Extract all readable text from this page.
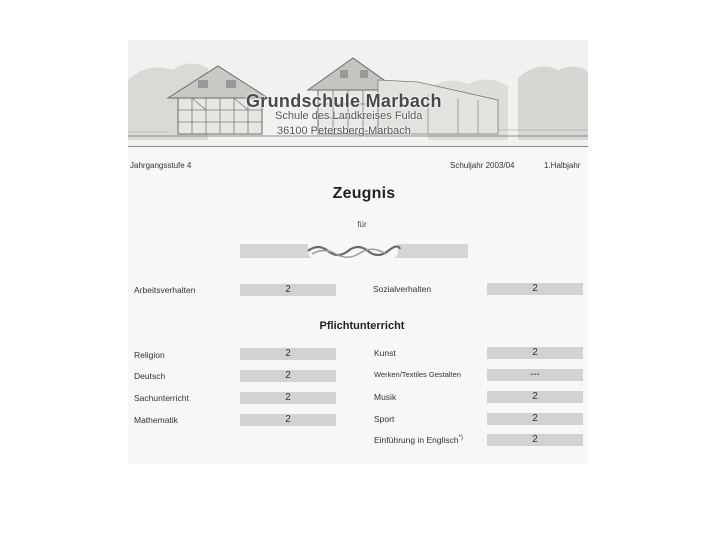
Grundschule Marbach
Schule des Landkreises Fulda
36100 Petersberg-Marbach
Jahrgangsstufe 4	Schuljahr 2003/04	1.Halbjahr
Zeugnis
für
Arbeitsverhalten	2	Sozialverhalten	2
Pflichtunterricht
Religion	2
Deutsch	2
Sachunterricht	2
Mathematik	2
Kunst	2
Werken/Textiles Gestalten	---
Musik	2
Sport	2
Einführung in Englisch*)	2
